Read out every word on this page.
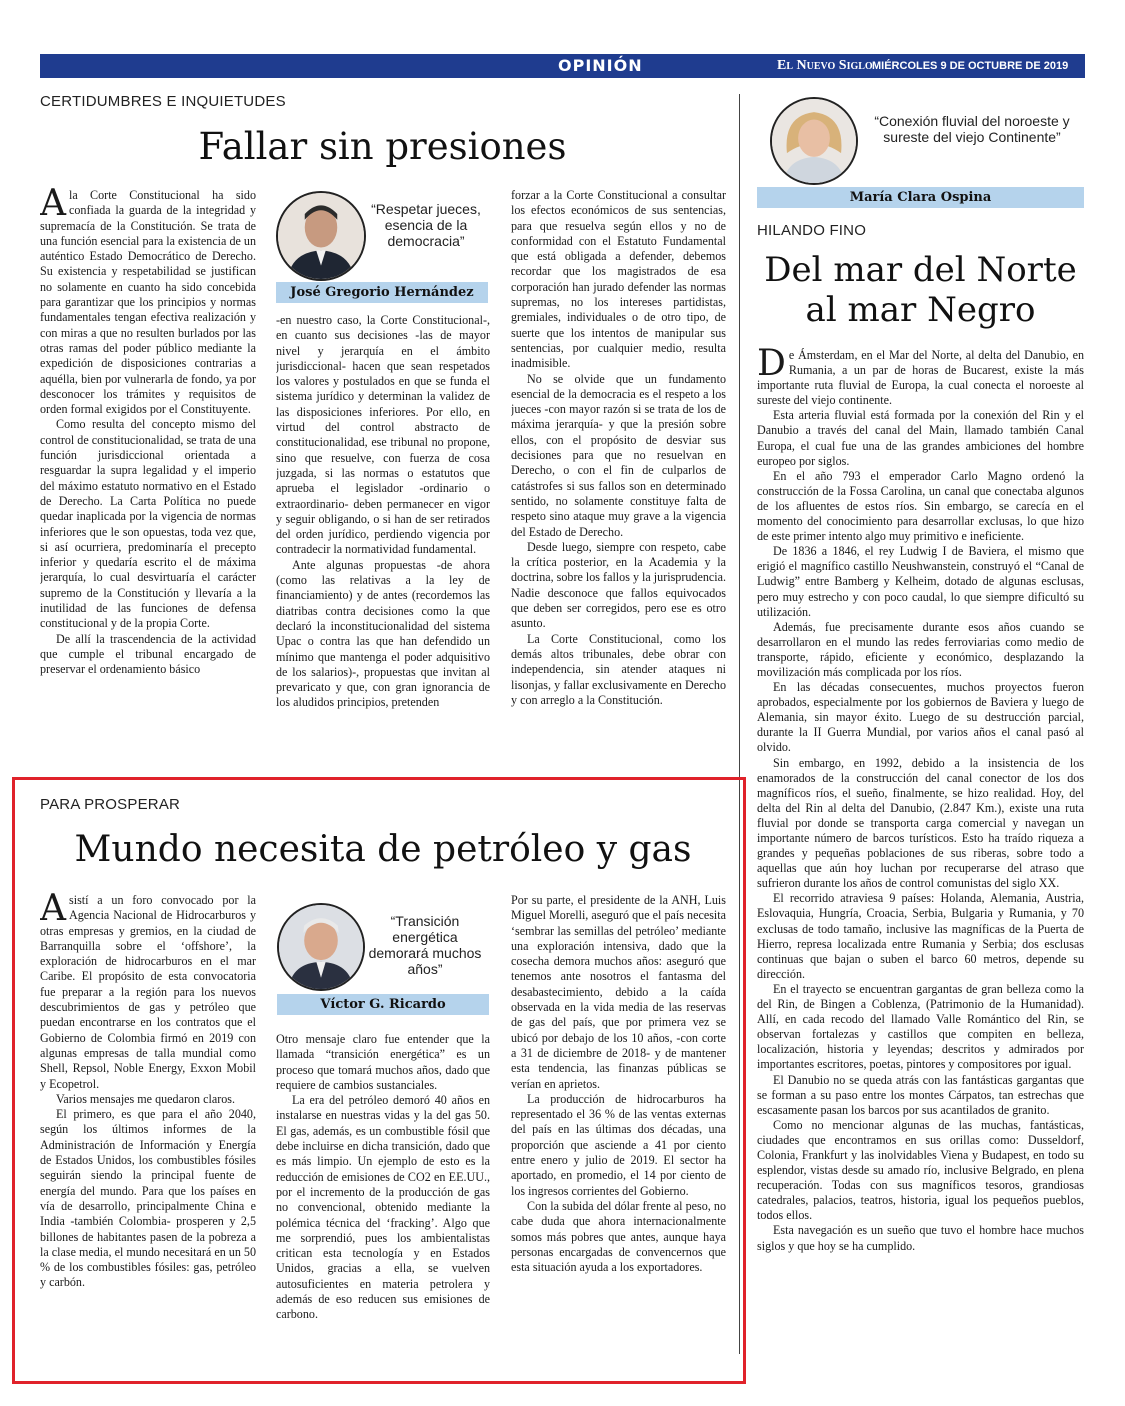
OPINIÓN	El Nuevo Siglo MIÉRCOLES 9 DE OCTUBRE DE 2019 9A
CERTIDUMBRES E INQUIETUDES
Fallar sin presiones

Ala Corte Constitucional ha sido confiada la guarda de la integridad y supremacía de la Constitución. Se trata de una función esencial para la existencia de un auténtico Estado Democrático de Derecho. Su existencia y respetabilidad se justifican no solamente en cuanto ha sido concebida para garantizar que los principios y normas fundamentales tengan efectiva realización y con miras a que no resulten burlados por las otras ramas del poder público mediante la expedición de disposiciones contrarias a aquélla, bien por vulnerarla de fondo, ya por desconocer los trámites y requisitos de orden formal exigidos por el Constituyente.

Como resulta del concepto mismo del control de constitucionalidad, se trata de una función jurisdiccional orientada a resguardar la supra legalidad y el imperio del máximo estatuto normativo en el Estado de Derecho. La Carta Política no puede quedar inaplicada por la vigencia de normas inferiores que le son opuestas, toda vez que, si así ocurriera, predominaría el precepto inferior y quedaría escrito el de máxima jerarquía, lo cual desvirtuaría el carácter supremo de la Constitución y llevaría a la inutilidad de las funciones de defensa constitucional y de la propia Corte.

De allí la trascendencia de la actividad que cumple el tribunal encargado de preservar el ordenamiento básico

“Respetar jueces, esencia de la democracia”
José Gregorio Hernández

-en nuestro caso, la Corte Constitucional-, en cuanto sus decisiones -las de mayor nivel y jerarquía en el ámbito jurisdiccional- hacen que sean respetados los valores y postulados en que se funda el sistema jurídico y determinan la validez de las disposiciones inferiores. Por ello, en virtud del control abstracto de constitucionalidad, ese tribunal no propone, sino que resuelve, con fuerza de cosa juzgada, si las normas o estatutos que aprueba el legislador -ordinario o extraordinario- deben permanecer en vigor y seguir obligando, o si han de ser retirados del orden jurídico, perdiendo vigencia por contradecir la normatividad fundamental.

Ante algunas propuestas -de ahora (como las relativas a la ley de financiamiento) y de antes (recordemos las diatribas contra decisiones como la que declaró la inconstitucionalidad del sistema Upac o contra las que han defendido un mínimo que mantenga el poder adquisitivo de los salarios)-, propuestas que invitan al prevaricato y que, con gran ignorancia de los aludidos principios, pretenden

forzar a la Corte Constitucional a consultar los efectos económicos de sus sentencias, para que resuelva según ellos y no de conformidad con el Estatuto Fundamental que está obligada a defender, debemos recordar que los magistrados de esa corporación han jurado defender las normas supremas, no los intereses partidistas, gremiales, individuales o de otro tipo, de suerte que los intentos de manipular sus sentencias, por cualquier medio, resulta inadmisible.

No se olvide que un fundamento esencial de la democracia es el respeto a los jueces -con mayor razón si se trata de los de máxima jerarquía- y que la presión sobre ellos, con el propósito de desviar sus decisiones para que no resuelvan en Derecho, o con el fin de culparlos de catástrofes si sus fallos son en determinado sentido, no solamente constituye falta de respeto sino ataque muy grave a la vigencia del Estado de Derecho.

Desde luego, siempre con respeto, cabe la crítica posterior, en la Academia y la doctrina, sobre los fallos y la jurisprudencia. Nadie desconoce que fallos equivocados que deben ser corregidos, pero ese es otro asunto.

La Corte Constitucional, como los demás altos tribunales, debe obrar con independencia, sin atender ataques ni lisonjas, y fallar exclusivamente en Derecho y con arreglo a la Constitución.

PARA PROSPERAR
Mundo necesita de petróleo y gas

Asistí a un foro convocado por la Agencia Nacional de Hidrocarburos y otras empresas y gremios, en la ciudad de Barranquilla sobre el ‘offshore’, la exploración de hidrocarburos en el mar Caribe. El propósito de esta convocatoria fue preparar a la región para los nuevos descubrimientos de gas y petróleo que puedan encontrarse en los contratos que el Gobierno de Colombia firmó en 2019 con algunas empresas de talla mundial como Shell, Repsol, Noble Energy, Exxon Mobil y Ecopetrol.

Varios mensajes me quedaron claros.

El primero, es que para el año 2040, según los últimos informes de la Administración de Información y Energía de Estados Unidos, los combustibles fósiles seguirán siendo la principal fuente de energía del mundo. Para que los países en vía de desarrollo, principalmente China e India -también Colombia- prosperen y 2,5 billones de habitantes pasen de la pobreza a la clase media, el mundo necesitará en un 50 % de los combustibles fósiles: gas, petróleo y carbón.

“Transición energética demorará muchos años”
Víctor G. Ricardo

Otro mensaje claro fue entender que la llamada “transición energética” es un proceso que tomará muchos años, dado que requiere de cambios sustanciales.

La era del petróleo demoró 40 años en instalarse en nuestras vidas y la del gas 50. El gas, además, es un combustible fósil que debe incluirse en dicha transición, dado que es más limpio. Un ejemplo de esto es la reducción de emisiones de CO2 en EE.UU., por el incremento de la producción de gas no convencional, obtenido mediante la polémica técnica del ‘fracking’. Algo que me sorprendió, pues los ambientalistas critican esta tecnología y en Estados Unidos, gracias a ella, se vuelven autosuficientes en materia petrolera y además de eso reducen sus emisiones de carbono.

Por su parte, el presidente de la ANH, Luis Miguel Morelli, aseguró que el país necesita ‘sembrar las semillas del petróleo’ mediante una exploración intensiva, dado que la cosecha demora muchos años: aseguró que tenemos ante nosotros el fantasma del desabastecimiento, debido a la caída observada en la vida media de las reservas de gas del país, que por primera vez se ubicó por debajo de los 10 años, -con corte a 31 de diciembre de 2018- y de mantener esta tendencia, las finanzas públicas se verían en aprietos.

La producción de hidrocarburos ha representado el 36 % de las ventas externas del país en las últimas dos décadas, una proporción que asciende a 41 por ciento entre enero y julio de 2019. El sector ha aportado, en promedio, el 14 por ciento de los ingresos corrientes del Gobierno.

Con la subida del dólar frente al peso, no cabe duda que ahora internacionalmente somos más pobres que antes, aunque haya personas encargadas de convencernos que esta situación ayuda a los exportadores.

“Conexión fluvial del noroeste y sureste del viejo Continente”
María Clara Ospina
HILANDO FINO
Del mar del Norte
al mar Negro

De Ámsterdam, en el Mar del Norte, al delta del Danubio, en Rumania, a un par de horas de Bucarest, existe la más importante ruta fluvial de Europa, la cual conecta el noroeste al sureste del viejo continente.

Esta arteria fluvial está formada por la conexión del Rin y el Danubio a través del canal del Main, llamado también Canal Europa, el cual fue una de las grandes ambiciones del hombre europeo por siglos.

En el año 793 el emperador Carlo Magno ordenó la construcción de la Fossa Carolina, un canal que conectaba algunos de los afluentes de estos ríos. Sin embargo, se carecía en el momento del conocimiento para desarrollar exclusas, lo que hizo de este primer intento algo muy primitivo e ineficiente.

De 1836 a 1846, el rey Ludwig I de Baviera, el mismo que erigió el magnífico castillo Neushwanstein, construyó el “Canal de Ludwig” entre Bamberg y Kelheim, dotado de algunas esclusas, pero muy estrecho y con poco caudal, lo que siempre dificultó su utilización.

Además, fue precisamente durante esos años cuando se desarrollaron en el mundo las redes ferroviarias como medio de transporte, rápido, eficiente y económico, desplazando la movilización más complicada por los ríos.

En las décadas consecuentes, muchos proyectos fueron aprobados, especialmente por los gobiernos de Baviera y luego de Alemania, sin mayor éxito. Luego de su destrucción parcial, durante la II Guerra Mundial, por varios años el canal pasó al olvido.

Sin embargo, en 1992, debido a la insistencia de los enamorados de la construcción del canal conector de los dos magníficos ríos, el sueño, finalmente, se hizo realidad. Hoy, del delta del Rin al delta del Danubio, (2.847 Km.), existe una ruta fluvial por donde se transporta carga comercial y navegan un importante número de barcos turísticos. Esto ha traído riqueza a grandes y pequeñas poblaciones de sus riberas, sobre todo a aquellas que aún hoy luchan por recuperarse del atraso que sufrieron durante los años de control comunistas del siglo XX.

El recorrido atraviesa 9 países: Holanda, Alemania, Austria, Eslovaquia, Hungría, Croacia, Serbia, Bulgaria y Rumania, y 70 exclusas de todo tamaño, inclusive las magníficas de la Puerta de Hierro, represa localizada entre Rumania y Serbia; dos esclusas continuas que bajan o suben el barco 60 metros, depende su dirección.

En el trayecto se encuentran gargantas de gran belleza como la del Rin, de Bingen a Coblenza, (Patrimonio de la Humanidad). Allí, en cada recodo del llamado Valle Romántico del Rin, se observan fortalezas y castillos que compiten en belleza, localización, historia y leyendas; descritos y admirados por importantes escritores, poetas, pintores y compositores por igual.

El Danubio no se queda atrás con las fantásticas gargantas que se forman a su paso entre los montes Cárpatos, tan estrechas que escasamente pasan los barcos por sus acantilados de granito.

Como no mencionar algunas de las muchas, fantásticas, ciudades que encontramos en sus orillas como: Dusseldorf, Colonia, Frankfurt y las inolvidables Viena y Budapest, en todo su esplendor, vistas desde su amado río, inclusive Belgrado, en plena recuperación. Todas con sus magníficos tesoros, grandiosas catedrales, palacios, teatros, historia, igual los pequeños pueblos, todos ellos.

Esta navegación es un sueño que tuvo el hombre hace muchos siglos y que hoy se ha cumplido.
